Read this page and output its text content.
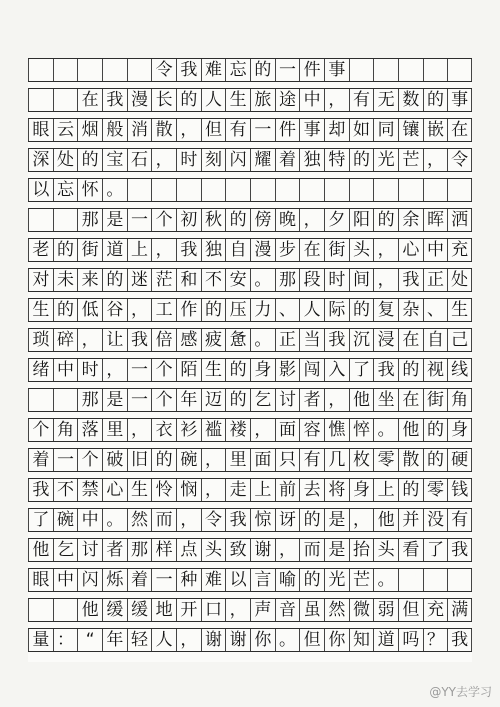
令 我 难 忘 的 一 件 事
在 我 漫 长 的 人 生 旅 途 中 ， 有 无 数 的 事
眼 云 烟 般 消 散 ， 但 有 一 件 事 却 如 同 镶 嵌 在
深 处 的 宝 石 ， 时 刻 闪 耀 着 独 特 的 光 芒 ， 令
以 忘 怀 。
那 是 一 个 初 秋 的 傍 晚 ， 夕 阳 的 余 晖 洒
老 的 街 道 上 ， 我 独 自 漫 步 在 街 头 ， 心 中 充
对 未 来 的 迷 茫 和 不 安 。 那 段 时 间 ， 我 正 处
生 的 低 谷 ， 工 作 的 压 力 、 人 际 的 复 杂 、 生
琐 碎 ， 让 我 倍 感 疲 惫 。 正 当 我 沉 浸 在 自 己
绪 中 时 ， 一 个 陌 生 的 身 影 闯 入 了 我 的 视 线
那 是 一 个 年 迈 的 乞 讨 者 ， 他 坐 在 街 角
个 角 落 里 ， 衣 衫 褴 褛 ， 面 容 憔 悴 。 他 的 身
着 一 个 破 旧 的 碗 ， 里 面 只 有 几 枚 零 散 的 硬
我 不 禁 心 生 怜 悯 ， 走 上 前 去 将 身 上 的 零 钱
了 碗 中 。 然 而 ， 令 我 惊 讶 的 是 ， 他 并 没 有
他 乞 讨 者 那 样 点 头 致 谢 ， 而 是 抬 头 看 了 我
眼 中 闪 烁 着 一 种 难 以 言 喻 的 光 芒 。
他 缓 缓 地 开 口 ， 声 音 虽 然 微 弱 但 充 满
量 ： “ 年 轻 人 ， 谢 谢 你 。 但 你 知 道 吗 ？ 我
@YY去学习
